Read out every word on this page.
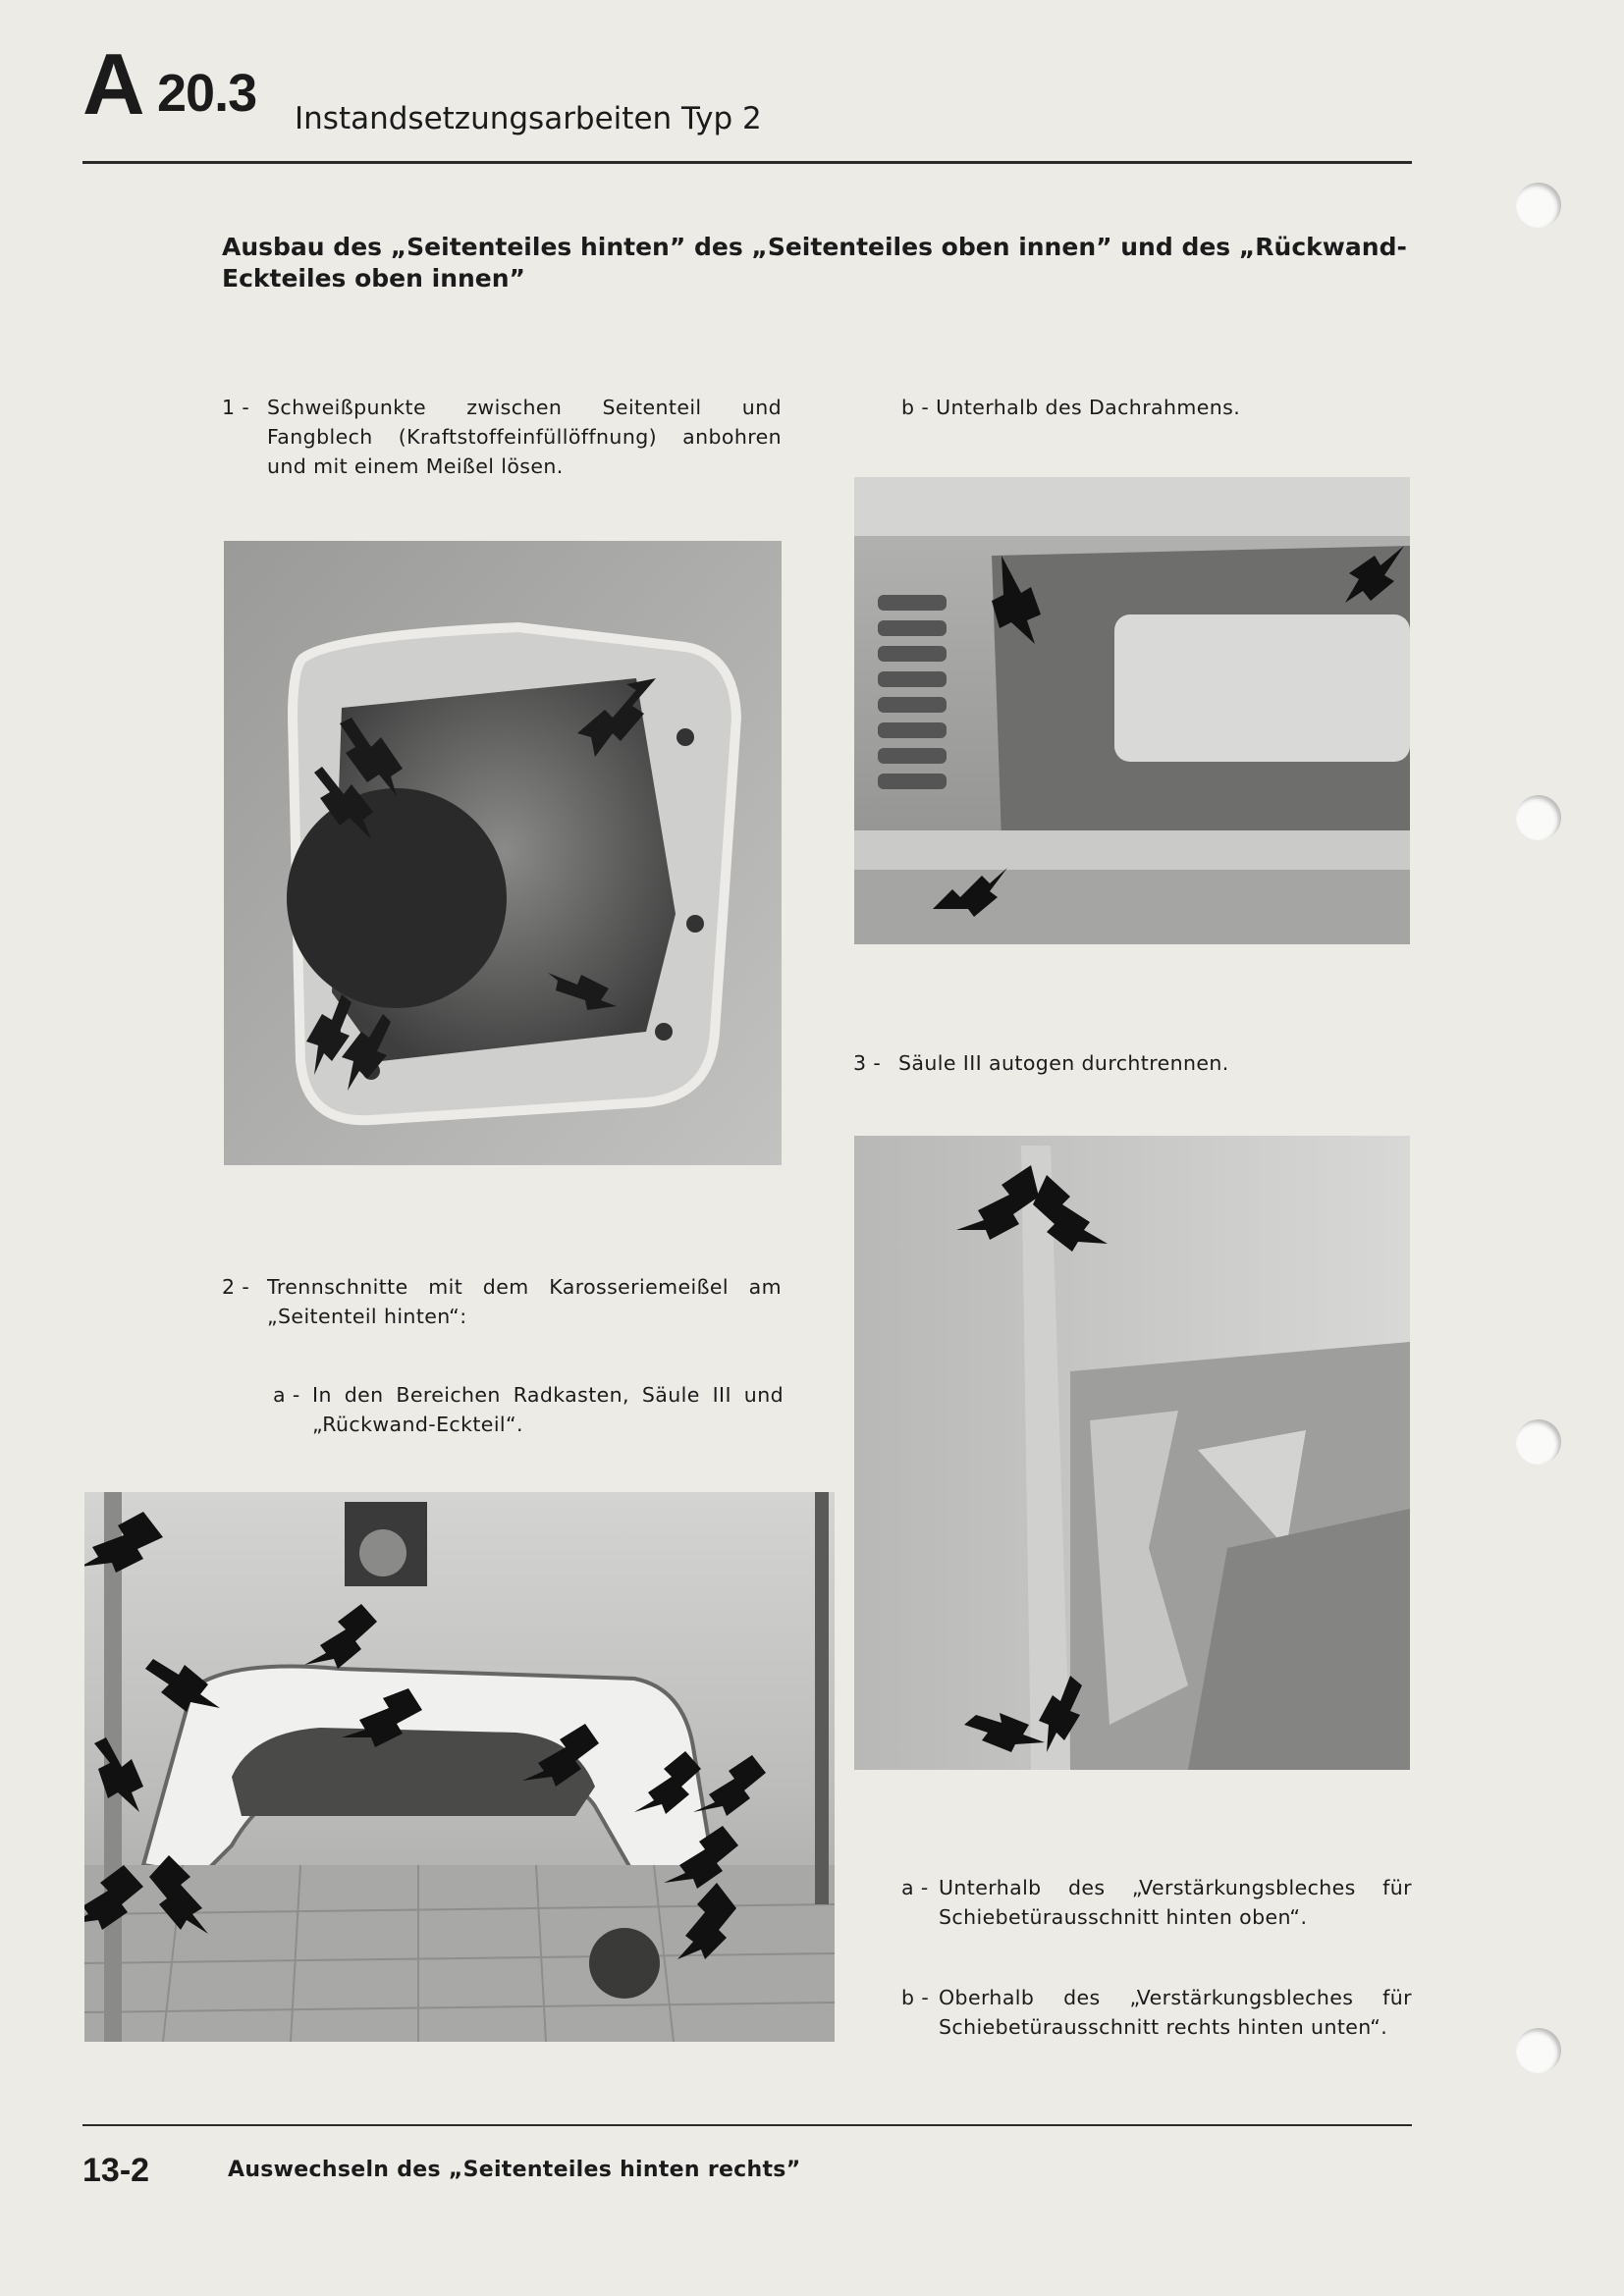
A 20.3 Instandsetzungsarbeiten Typ 2
Ausbau des „Seitenteiles hinten” des „Seitenteiles oben innen” und des „Rückwand-Eckteiles oben innen”
1 - Schweißpunkte zwischen Seitenteil und Fangblech (Kraftstoffeinfüllöffnung) anbohren und mit einem Meißel lösen.
b - Unterhalb des Dachrahmens.
3 - Säule III autogen durchtrennen.
2 - Trennschnitte mit dem Karosseriemeißel am „Seitenteil hinten“:
a - In den Bereichen Radkasten, Säule III und „Rückwand-Eckteil“.
a - Unterhalb des „Verstärkungsbleches für Schiebetürausschnitt hinten oben“.
b - Oberhalb des „Verstärkungsbleches für Schiebetürausschnitt rechts hinten unten“.
13-2	Auswechseln des „Seitenteiles hinten rechts”
